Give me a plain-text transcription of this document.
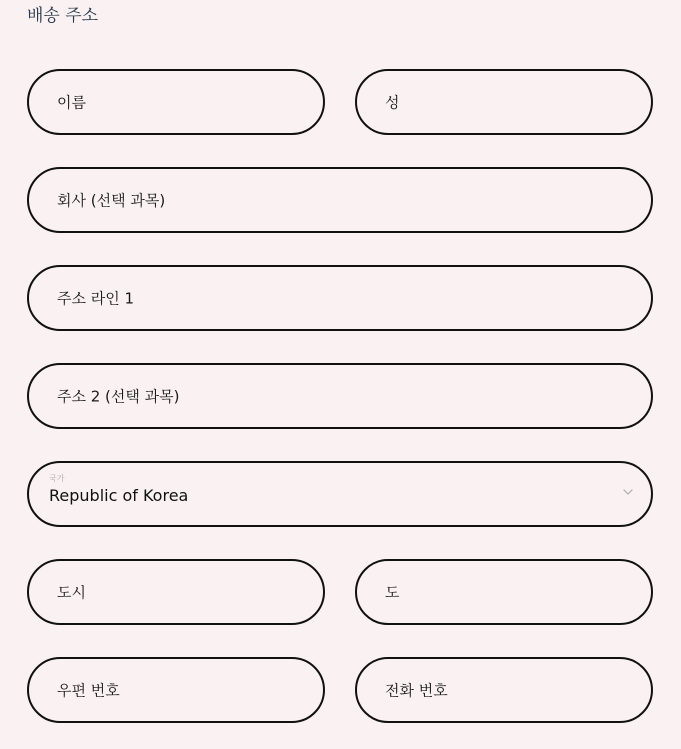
배송 주소
이름	성
회사 (선택 과목)
주소 라인 1
주소 2 (선택 과목)
국가
Republic of Korea
도시	도
우편 번호	전화 번호
